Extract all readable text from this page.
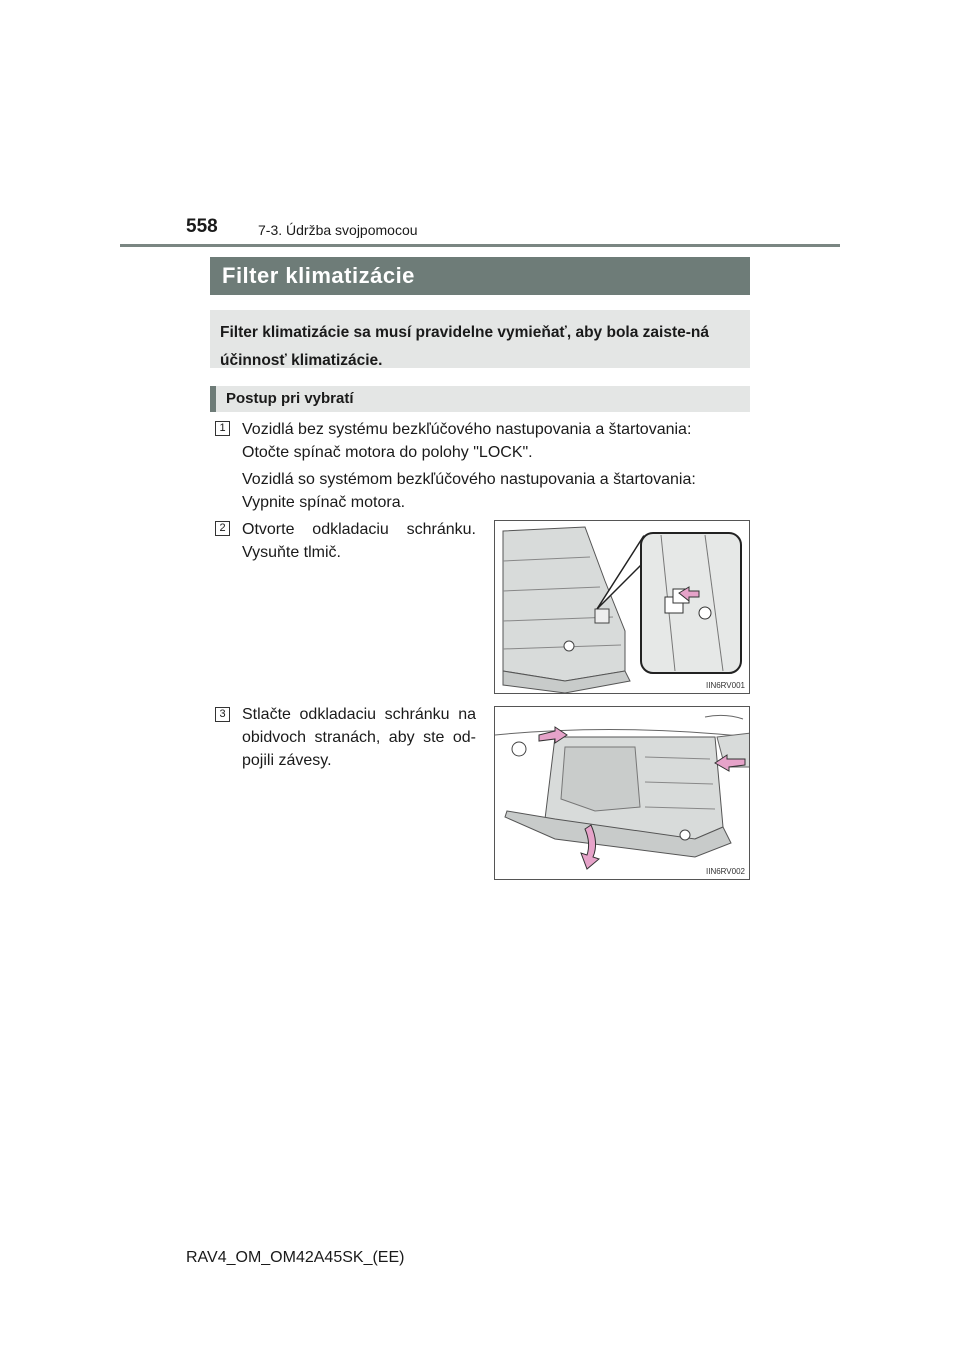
558	7-3. Údržba svojpomocou
Filter klimatizácie
Filter klimatizácie sa musí pravidelne vymieňať, aby bola zaiste-ná účinnosť klimatizácie.
Postup pri vybratí
1 Vozidlá bez systému bezkľúčového nastupovania a štartovania:
Otočte spínač motora do polohy "LOCK".
Vozidlá so systémom bezkľúčového nastupovania a štartovania:
Vypnite spínač motora.
2 Otvorte odkladaciu schránku. Vysuňte tlmič.
IIN6RV001
3 Stlačte odkladaciu schránku na obidvoch stranách, aby ste od-pojili závesy.
IIN6RV002
RAV4_OM_OM42A45SK_(EE)
